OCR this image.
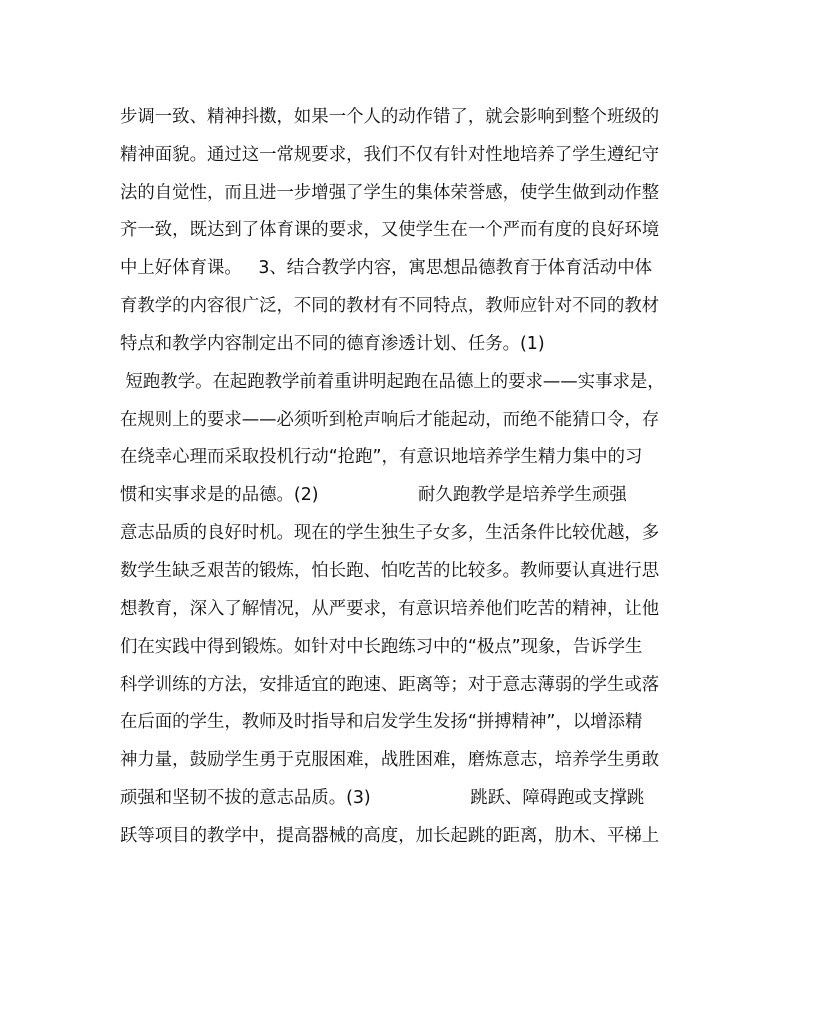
步调一致、精神抖擞，如果一个人的动作错了，就会影响到整个班级的
精神面貌。通过这一常规要求，我们不仅有针对性地培养了学生遵纪守
法的自觉性，而且进一步增强了学生的集体荣誉感，使学生做到动作整
齐一致，既达到了体育课的要求，又使学生在一个严而有度的良好环境
中上好体育课。   3、结合教学内容，寓思想品德教育于体育活动中体
育教学的内容很广泛，不同的教材有不同特点，教师应针对不同的教材
特点和教学内容制定出不同的德育渗透计划、任务。(1)
短跑教学。在起跑教学前着重讲明起跑在品德上的要求——实事求是，
在规则上的要求——必须听到枪声响后才能起动，而绝不能猜口令，存
在绕幸心理而采取投机行动“抢跑”，有意识地培养学生精力集中的习
惯和实事求是的品德。(2)                  耐久跑教学是培养学生顽强
意志品质的良好时机。现在的学生独生子女多，生活条件比较优越，多
数学生缺乏艰苦的锻炼，怕长跑、怕吃苦的比较多。教师要认真进行思
想教育，深入了解情况，从严要求，有意识培养他们吃苦的精神，让他
们在实践中得到锻炼。如针对中长跑练习中的“极点”现象，告诉学生
科学训练的方法，安排适宜的跑速、距离等；对于意志薄弱的学生或落
在后面的学生，教师及时指导和启发学生发扬“拼搏精神”，以增添精
神力量，鼓励学生勇于克服困难，战胜困难，磨炼意志，培养学生勇敢
顽强和坚韧不拔的意志品质。(3)                  跳跃、障碍跑或支撑跳
跃等项目的教学中，提高器械的高度，加长起跳的距离，肋木、平梯上
